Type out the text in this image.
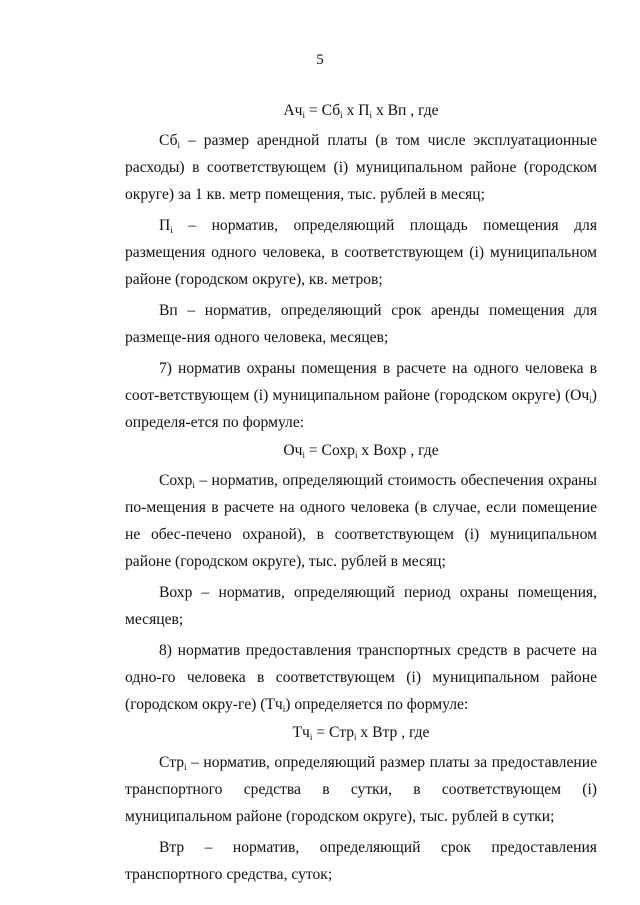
5
$Ач_i = Сб_i$ х $П_i$ х Вп , где
$Сб_i$ – размер арендной платы (в том числе эксплуатационные расходы) в соответствующем (i) муниципальном районе (городском округе) за 1 кв. метр помещения, тыс. рублей в месяц;
$П_i$ – норматив, определяющий площадь помещения для размещения одного человека, в соответствующем (i) муниципальном районе (городском округе), кв. метров;
Вп – норматив, определяющий срок аренды помещения для размеще-ния одного человека, месяцев;
7) норматив охраны помещения в расчете на одного человека в соот-ветствующем (i) муниципальном районе (городском округе) $(Оч_i)$ определя-ется по формуле:
$Оч_i$ = Сохр$_i$ х Вохр , где
Сохр$_i$ – норматив, определяющий стоимость обеспечения охраны по-мещения в расчете на одного человека (в случае, если помещение не обес-печено охраной), в соответствующем (i) муниципальном районе (городском округе), тыс. рублей в месяц;
Вохр – норматив, определяющий период охраны помещения, месяцев;
8) норматив предоставления транспортных средств в расчете на одно-го человека в соответствующем (i) муниципальном районе (городском окру-ге) $(Тч_i)$ определяется по формуле:
$Тч_i = Стр_i$ х Втр , где
Стр$_i$ – норматив, определяющий размер платы за предоставление транспортного средства в сутки, в соответствующем (i) муниципальном районе (городском округе), тыс. рублей в сутки;
Втр – норматив, определяющий срок предоставления транспортного средства, суток;
